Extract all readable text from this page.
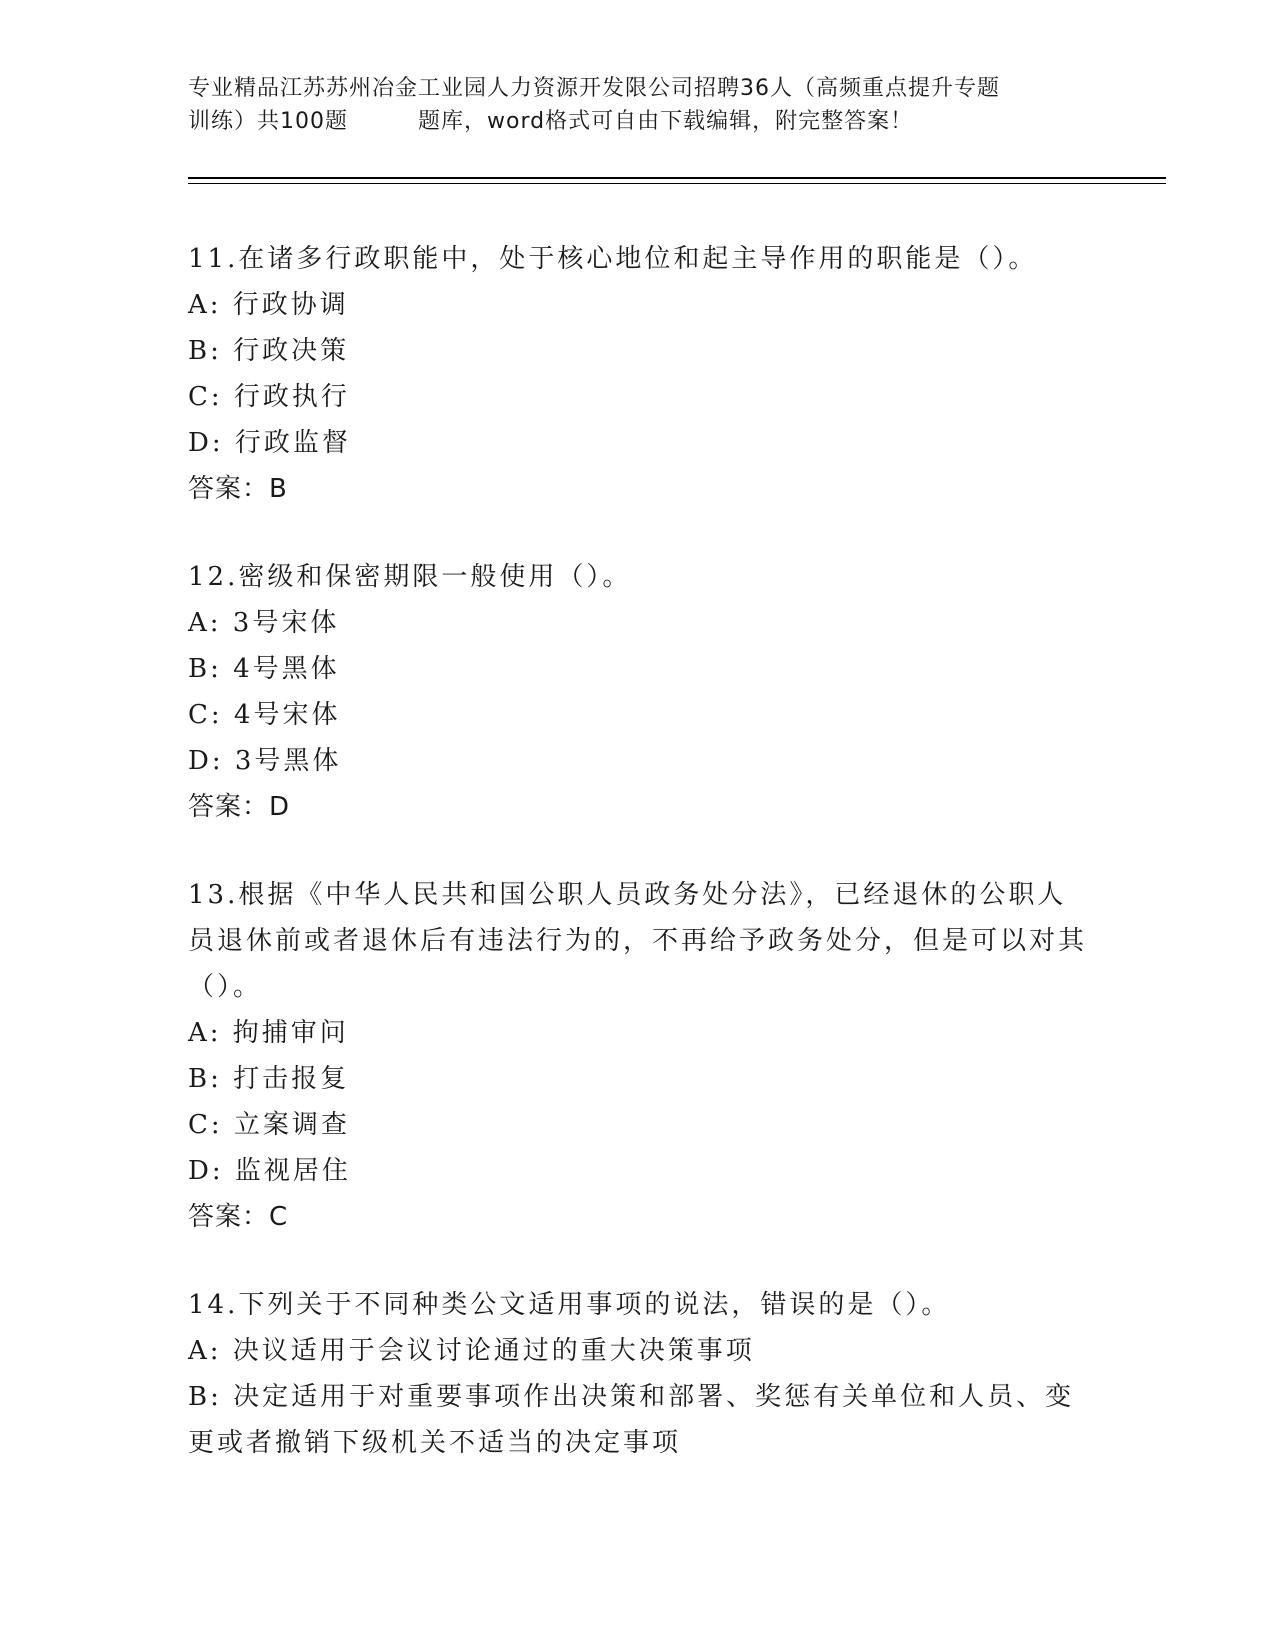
专业精品江苏苏州冶金工业园人力资源开发限公司招聘36人（高频重点提升专题
训练）共100题	题库，word格式可自由下载编辑，附完整答案！
11.在诸多行政职能中，处于核心地位和起主导作用的职能是（）。
A: 行政协调
B: 行政决策
C: 行政执行
D: 行政监督
答案：B
12.密级和保密期限一般使用（）。
A: 3号宋体
B: 4号黑体
C: 4号宋体
D: 3号黑体
答案：D
13.根据《中华人民共和国公职人员政务处分法》，已经退休的公职人员退休前或者退休后有违法行为的，不再给予政务处分，但是可以对其（）。
A: 拘捕审问
B: 打击报复
C: 立案调查
D: 监视居住
答案：C
14.下列关于不同种类公文适用事项的说法，错误的是（）。
A: 决议适用于会议讨论通过的重大决策事项
B: 决定适用于对重要事项作出决策和部署、奖惩有关单位和人员、变更或者撤销下级机关不适当的决定事项
